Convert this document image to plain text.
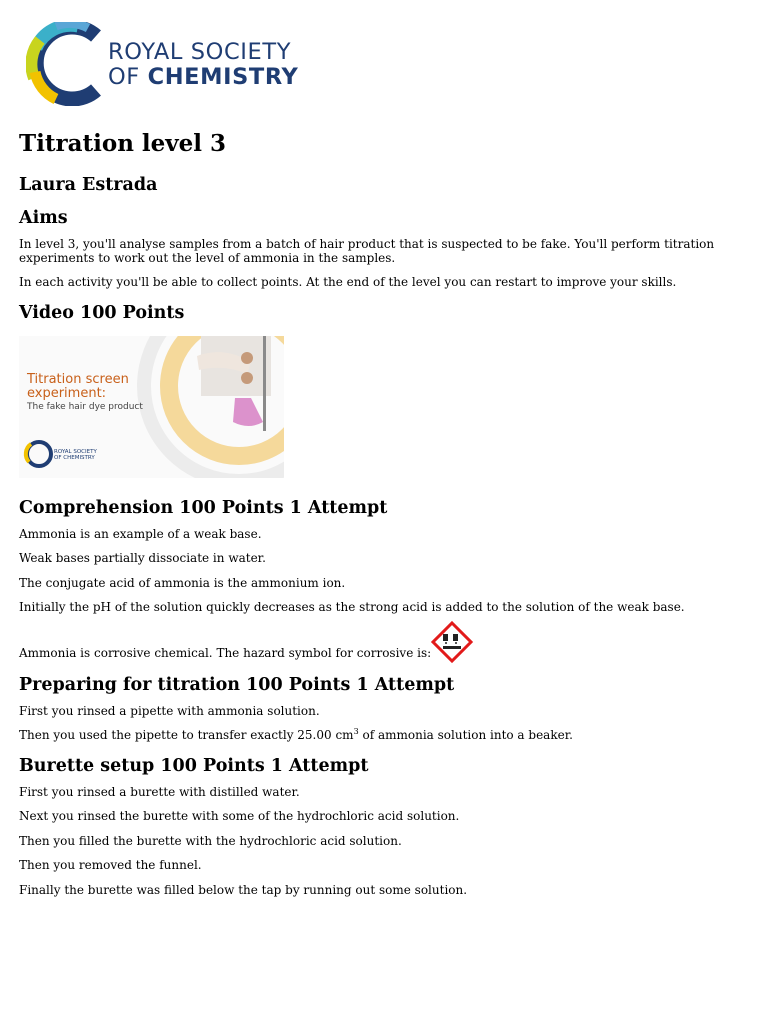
ROYAL SOCIETY
OF CHEMISTRY
Titration level 3
Laura Estrada
Aims

In level 3, you'll analyse samples from a batch of hair product that is suspected to be fake. You'll perform titration experiments to work out the level of ammonia in the samples.

In each activity you'll be able to collect points. At the end of the level you can restart to improve your skills.

Video 100 Points
Titration screen
experiment:
The fake hair dye product
ROYAL SOCIETY
OF CHEMISTRY
Comprehension 100 Points 1 Attempt

Ammonia is an example of a weak base.

Weak bases partially dissociate in water.

The conjugate acid of ammonia is the ammonium ion.

Initially the pH of the solution quickly decreases as the strong acid is added to the solution of the weak base.

Ammonia is corrosive chemical. The hazard symbol for corrosive is:

Preparing for titration 100 Points 1 Attempt

First you rinsed a pipette with ammonia solution.

Then you used the pipette to transfer exactly 25.00 $cm^3$ of ammonia solution into a beaker.

Burette setup 100 Points 1 Attempt

First you rinsed a burette with distilled water.

Next you rinsed the burette with some of the hydrochloric acid solution.

Then you filled the burette with the hydrochloric acid solution.

Then you removed the funnel.

Finally the burette was filled below the tap by running out some solution.
